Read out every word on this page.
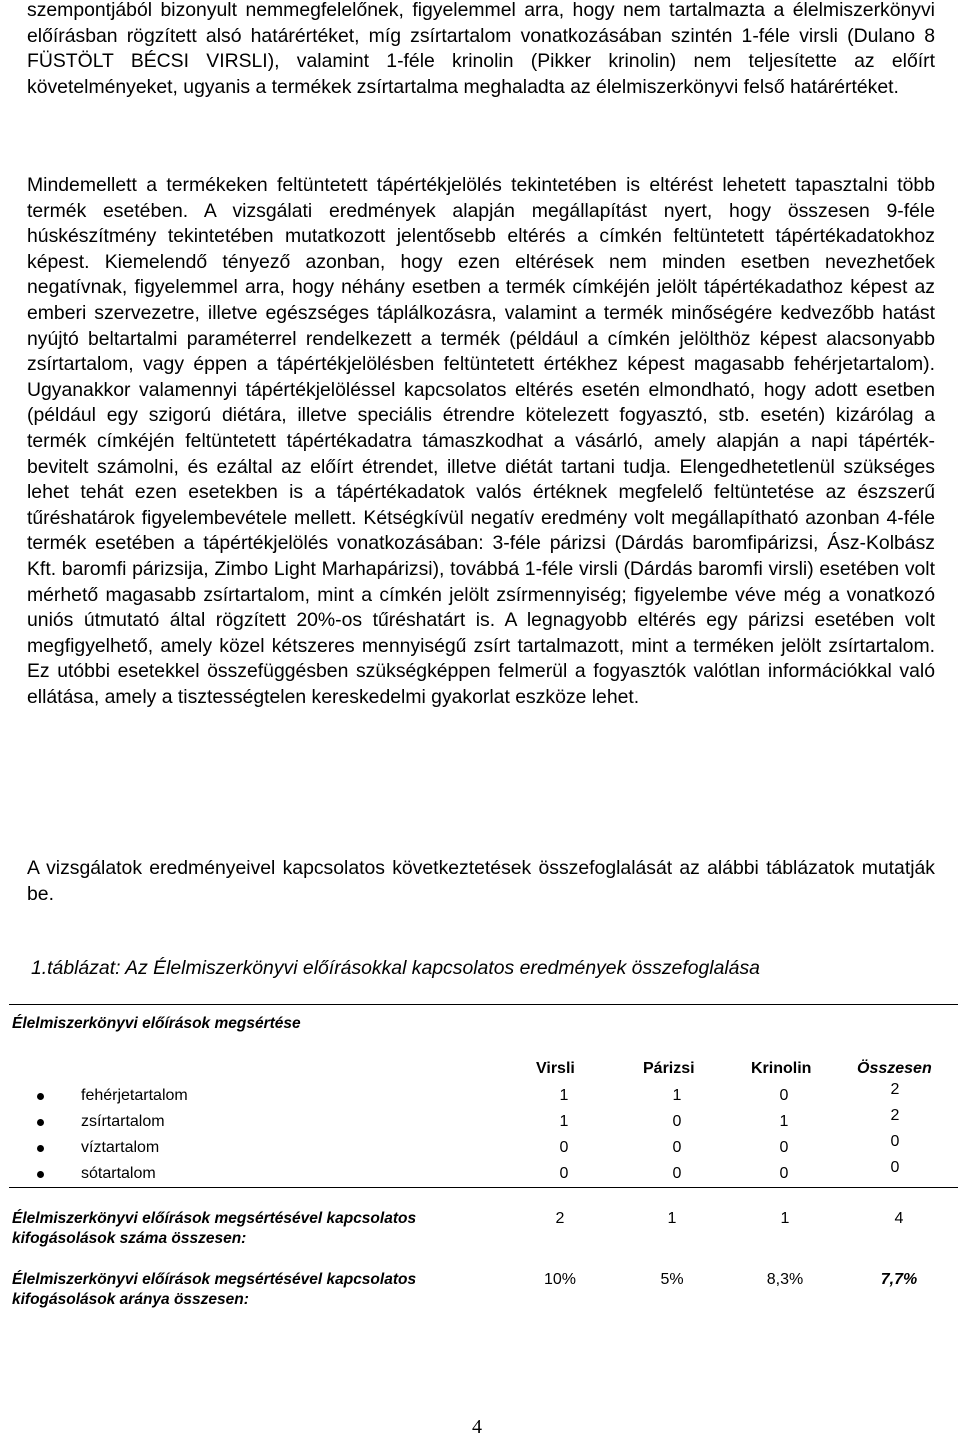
szempontjából bizonyult nemmegfelelőnek, figyelemmel arra, hogy nem tartalmazta a élelmiszerkönyvi előírásban rögzített alsó határértéket, míg zsírtartalom vonatkozásában szintén 1-féle virsli (Dulano 8 FÜSTÖLT BÉCSI VIRSLI), valamint 1-féle krinolin (Pikker krinolin) nem teljesítette az előírt követelményeket, ugyanis a termékek zsírtartalma meghaladta az élelmiszerkönyvi felső határértéket.

Mindemellett a termékeken feltüntetett tápértékjelölés tekintetében is eltérést lehetett tapasztalni több termék esetében. A vizsgálati eredmények alapján megállapítást nyert, hogy összesen 9-féle húskészítmény tekintetében mutatkozott jelentősebb eltérés a címkén feltüntetett tápértékadatokhoz képest. Kiemelendő tényező azonban, hogy ezen eltérések nem minden esetben nevezhetőek negatívnak, figyelemmel arra, hogy néhány esetben a termék címkéjén jelölt tápértékadathoz képest az emberi szervezetre, illetve egészséges táplálkozásra, valamint a termék minőségére kedvezőbb hatást nyújtó beltartalmi paraméterrel rendelkezett a termék (például a címkén jelölthöz képest alacsonyabb zsírtartalom, vagy éppen a tápértékjelölésben feltüntetett értékhez képest magasabb fehérjetartalom). Ugyanakkor valamennyi tápértékjelöléssel kapcsolatos eltérés esetén elmondható, hogy adott esetben (például egy szigorú diétára, illetve speciális étrendre kötelezett fogyasztó, stb. esetén) kizárólag a termék címkéjén feltüntetett tápértékadatra támaszkodhat a vásárló, amely alapján a napi tápérték-bevitelt számolni, és ezáltal az előírt étrendet, illetve diétát tartani tudja. Elengedhetetlenül szükséges lehet tehát ezen esetekben is a tápértékadatok valós értéknek megfelelő feltüntetése az észszerű tűréshatárok figyelembevétele mellett. Kétségkívül negatív eredmény volt megállapítható azonban 4-féle termék esetében a tápértékjelölés vonatkozásában: 3-féle párizsi (Dárdás baromfipárizsi, Ász-Kolbász Kft. baromfi párizsija, Zimbo Light Marhapárizsi), továbbá 1-féle virsli (Dárdás baromfi virsli) esetében volt mérhető magasabb zsírtartalom, mint a címkén jelölt zsírmennyiség; figyelembe véve még a vonatkozó uniós útmutató által rögzített 20%-os tűréshatárt is. A legnagyobb eltérés egy párizsi esetében volt megfigyelhető, amely közel kétszeres mennyiségű zsírt tartalmazott, mint a terméken jelölt zsírtartalom. Ez utóbbi esetekkel összefüggésben szükségképpen felmerül a fogyasztók valótlan információkkal való ellátása, amely a tisztességtelen kereskedelmi gyakorlat eszköze lehet.

A vizsgálatok eredményeivel kapcsolatos következtetések összefoglalását az alábbi táblázatok mutatják be.

1.táblázat: Az Élelmiszerkönyvi előírásokkal kapcsolatos eredmények összefoglalása
Élelmiszerkönyvi előírások megsértése
Virsli	Párizsi	Krinolin	Összesen
fehérjetartalom	1	1	0	2
zsírtartalom	1	0	1	2
víztartalom	0	0	0	0
sótartalom	0	0	0	0
Élelmiszerkönyvi előírások megsértésével kapcsolatos kifogásolások száma összesen:
2	1	1	4
Élelmiszerkönyvi előírások megsértésével kapcsolatos kifogásolások aránya összesen:
10%	5%	8,3%	7,7%
4
